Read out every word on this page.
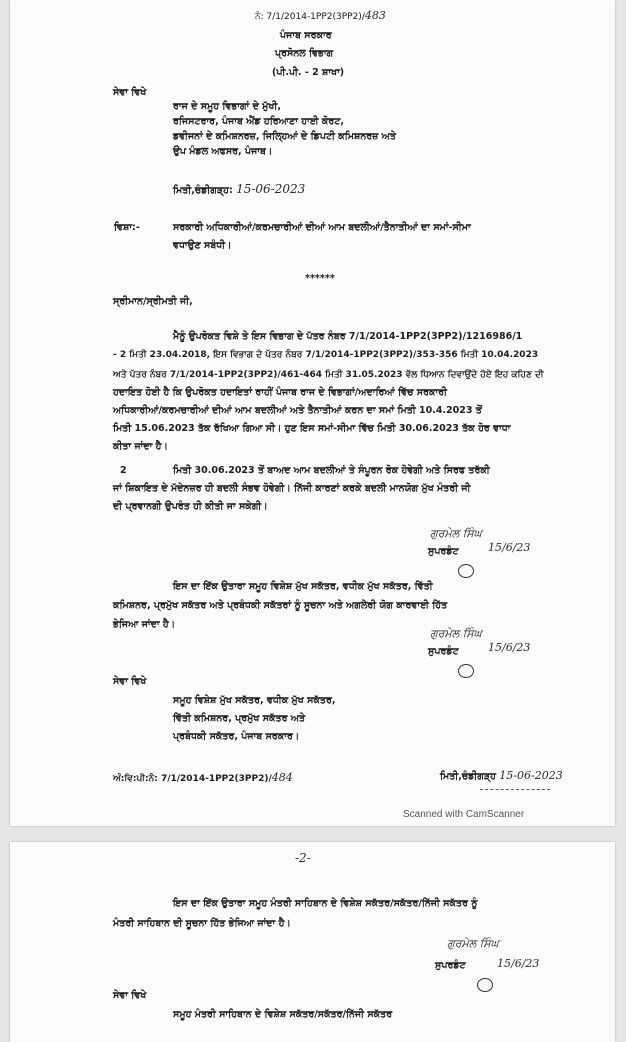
ਨੰ: 7/1/2014-1PP2(3PP2)/483
ਪੰਜਾਬ ਸਰਕਾਰ
ਪ੍ਰਸੋਨਲ ਵਿਭਾਗ
(ਪੀ.ਪੀ. - 2 ਸ਼ਾਖਾ)
ਸੇਵਾ ਵਿਖੇ
ਰਾਜ ਦੇ ਸਮੂਹ ਵਿਭਾਗਾਂ ਦੇ ਮੁੱਖੀ,
ਰਜਿਸਟਰਾਰ, ਪੰਜਾਬ ਐਂਡ ਹਰਿਆਣਾ ਹਾਈ ਕੋਰਟ,
ਡਵੀਜਨਾਂ ਦੇ ਕਮਿਸ਼ਨਰਜ਼, ਜਿਲ੍ਹਿਆਂ ਦੇ ਡਿਪਟੀ ਕਮਿਸ਼ਨਰਜ਼ ਅਤੇ
ਉਪ ਮੰਡਲ ਅਫਸਰ, ਪੰਜਾਬ।
ਮਿਤੀ,ਚੰਡੀਗੜ੍ਹ: 15-06-2023
ਵਿਸ਼ਾ:-	ਸਰਕਾਰੀ ਅਧਿਕਾਰੀਆਂ/ਕਰਮਚਾਰੀਆਂ ਦੀਆਂ ਆਮ ਬਦਲੀਆਂ/ਤੈਨਾਤੀਆਂ ਦਾ ਸਮਾਂ-ਸੀਮਾ
ਵਧਾਉਣ ਸਬੰਧੀ।
******
ਸ੍ਰੀਮਾਨ/ਸ੍ਰੀਮਤੀ ਜੀ,
ਮੈਨੂੰ ਉਪਰੋਕਤ ਵਿਸ਼ੇ ਤੇ ਇਸ ਵਿਭਾਗ ਦੇ ਪੱਤਰ ਨੰਬਰ 7/1/2014-1PP2(3PP2)/1216986/1
- 2 ਮਿਤੀ 23.04.2018, ਇਸ ਵਿਭਾਗ ਦੇ ਪੱਤਰ ਨੰਬਰ 7/1/2014-1PP2(3PP2)/353-356 ਮਿਤੀ 10.04.2023
ਅਤੇ ਪੱਤਰ ਨੰਬਰ 7/1/2014-1PP2(3PP2)/461-464 ਮਿਤੀ 31.05.2023 ਵੱਲ ਧਿਆਨ ਦਿਵਾਉਂਦੇ ਹੋਏ ਇਹ ਕਹਿਣ ਦੀ
ਹਦਾਇਤ ਹੋਈ ਹੈ ਕਿ ਉਪਰੋਕਤ ਹਦਾਇਤਾਂ ਰਾਹੀਂ ਪੰਜਾਬ ਰਾਜ ਦੇ ਵਿਭਾਗਾਂ/ਅਦਾਰਿਆਂ ਵਿੱਚ ਸਰਕਾਰੀ
ਅਧਿਕਾਰੀਆਂ/ਕਰਮਚਾਰੀਆਂ ਦੀਆਂ ਆਮ ਬਦਲੀਆਂ ਅਤੇ ਤੈਨਾਤੀਆਂ ਕਰਨ ਦਾ ਸਮਾਂ ਮਿਤੀ 10.4.2023 ਤੋਂ
ਮਿਤੀ 15.06.2023 ਤੱਕ ਰੱਖਿਆ ਗਿਆ ਸੀ। ਹੁਣ ਇਸ ਸਮਾਂ-ਸੀਮਾ ਵਿੱਚ ਮਿਤੀ 30.06.2023 ਤੱਕ ਹੋਰ ਵਾਧਾ
ਕੀਤਾ ਜਾਂਦਾ ਹੈ।
2	ਮਿਤੀ 30.06.2023 ਤੋਂ ਬਾਅਦ ਆਮ ਬਦਲੀਆਂ ਤੇ ਸੰਪੂਰਨ ਰੋਕ ਹੋਵੇਗੀ ਅਤੇ ਸਿਰਫ ਤਰੱਕੀ
ਜਾਂ ਸ਼ਿਕਾਇਤ ਦੇ ਮੱਦੇਨਜ਼ਰ ਹੀ ਬਦਲੀ ਸੰਭਵ ਹੋਵੇਗੀ। ਨਿੱਜੀ ਕਾਰਣਾਂ ਕਰਕੇ ਬਦਲੀ ਮਾਨਯੋਗ ਮੁੱਖ ਮੰਤਰੀ ਜੀ
ਦੀ ਪ੍ਰਵਾਨਗੀ ਉਪਰੰਤ ਹੀ ਕੀਤੀ ਜਾ ਸਕੇਗੀ।
ਗੁਰਮੇਲ ਸਿੰਘ
ਸੁਪਰਡੰਟ	15/6/23
ਇਸ ਦਾ ਇੱਕ ਉਤਾਰਾ ਸਮੂਹ ਵਿਸ਼ੇਸ਼ ਮੁੱਖ ਸਕੱਤਰ, ਵਧੀਕ ਮੁੱਖ ਸਕੱਤਰ, ਵਿੱਤੀ
ਕਮਿਸ਼ਨਰ, ਪ੍ਰਮੁੱਖ ਸਕੱਤਰ ਅਤੇ ਪ੍ਰਬੰਧਕੀ ਸਕੱਤਰਾਂ ਨੂੰ ਸੂਚਨਾ ਅਤੇ ਅਗਲੇਰੀ ਯੋਗ ਕਾਰਵਾਈ ਹਿੱਤ
ਭੇਜਿਆ ਜਾਂਦਾ ਹੈ।
ਗੁਰਮੇਲ ਸਿੰਘ
ਸੁਪਰਡੰਟ	15/6/23
ਸੇਵਾ ਵਿਖੇ
ਸਮੂਹ ਵਿਸ਼ੇਸ਼ ਮੁੱਖ ਸਕੱਤਰ, ਵਧੀਕ ਮੁੱਖ ਸਕੱਤਰ,
ਵਿੱਤੀ ਕਮਿਸ਼ਨਰ, ਪ੍ਰਮੁੱਖ ਸਕੱਤਰ ਅਤੇ
ਪ੍ਰਬੰਧਕੀ ਸਕੱਤਰ, ਪੰਜਾਬ ਸਰਕਾਰ।
ਅੰ:ਵਿ:ਪੀ:ਨੰ: 7/1/2014-1PP2(3PP2)/484	ਮਿਤੀ,ਚੰਡੀਗੜ੍ਹ 15-06-2023
Scanned with CamScanner
-2-
ਇਸ ਦਾ ਇੱਕ ਉਤਾਰਾ ਸਮੂਹ ਮੰਤਰੀ ਸਾਹਿਬਾਨ ਦੇ ਵਿਸ਼ੇਸ਼ ਸਕੱਤਰ/ਸਕੱਤਰ/ਨਿੱਜੀ ਸਕੱਤਰ ਨੂੰ
ਮੰਤਰੀ ਸਾਹਿਬਾਨ ਦੀ ਸੂਚਨਾ ਹਿੱਤ ਭੇਜਿਆ ਜਾਂਦਾ ਹੈ।
ਗੁਰਮੇਲ ਸਿੰਘ
ਸੁਪਰਡੰਟ	15/6/23
ਸੇਵਾ ਵਿਖੇ
ਸਮੂਹ ਮੰਤਰੀ ਸਾਹਿਬਾਨ ਦੇ ਵਿਸ਼ੇਸ਼ ਸਕੱਤਰ/ਸਕੱਤਰ/ਨਿੱਜੀ ਸਕੱਤਰ
